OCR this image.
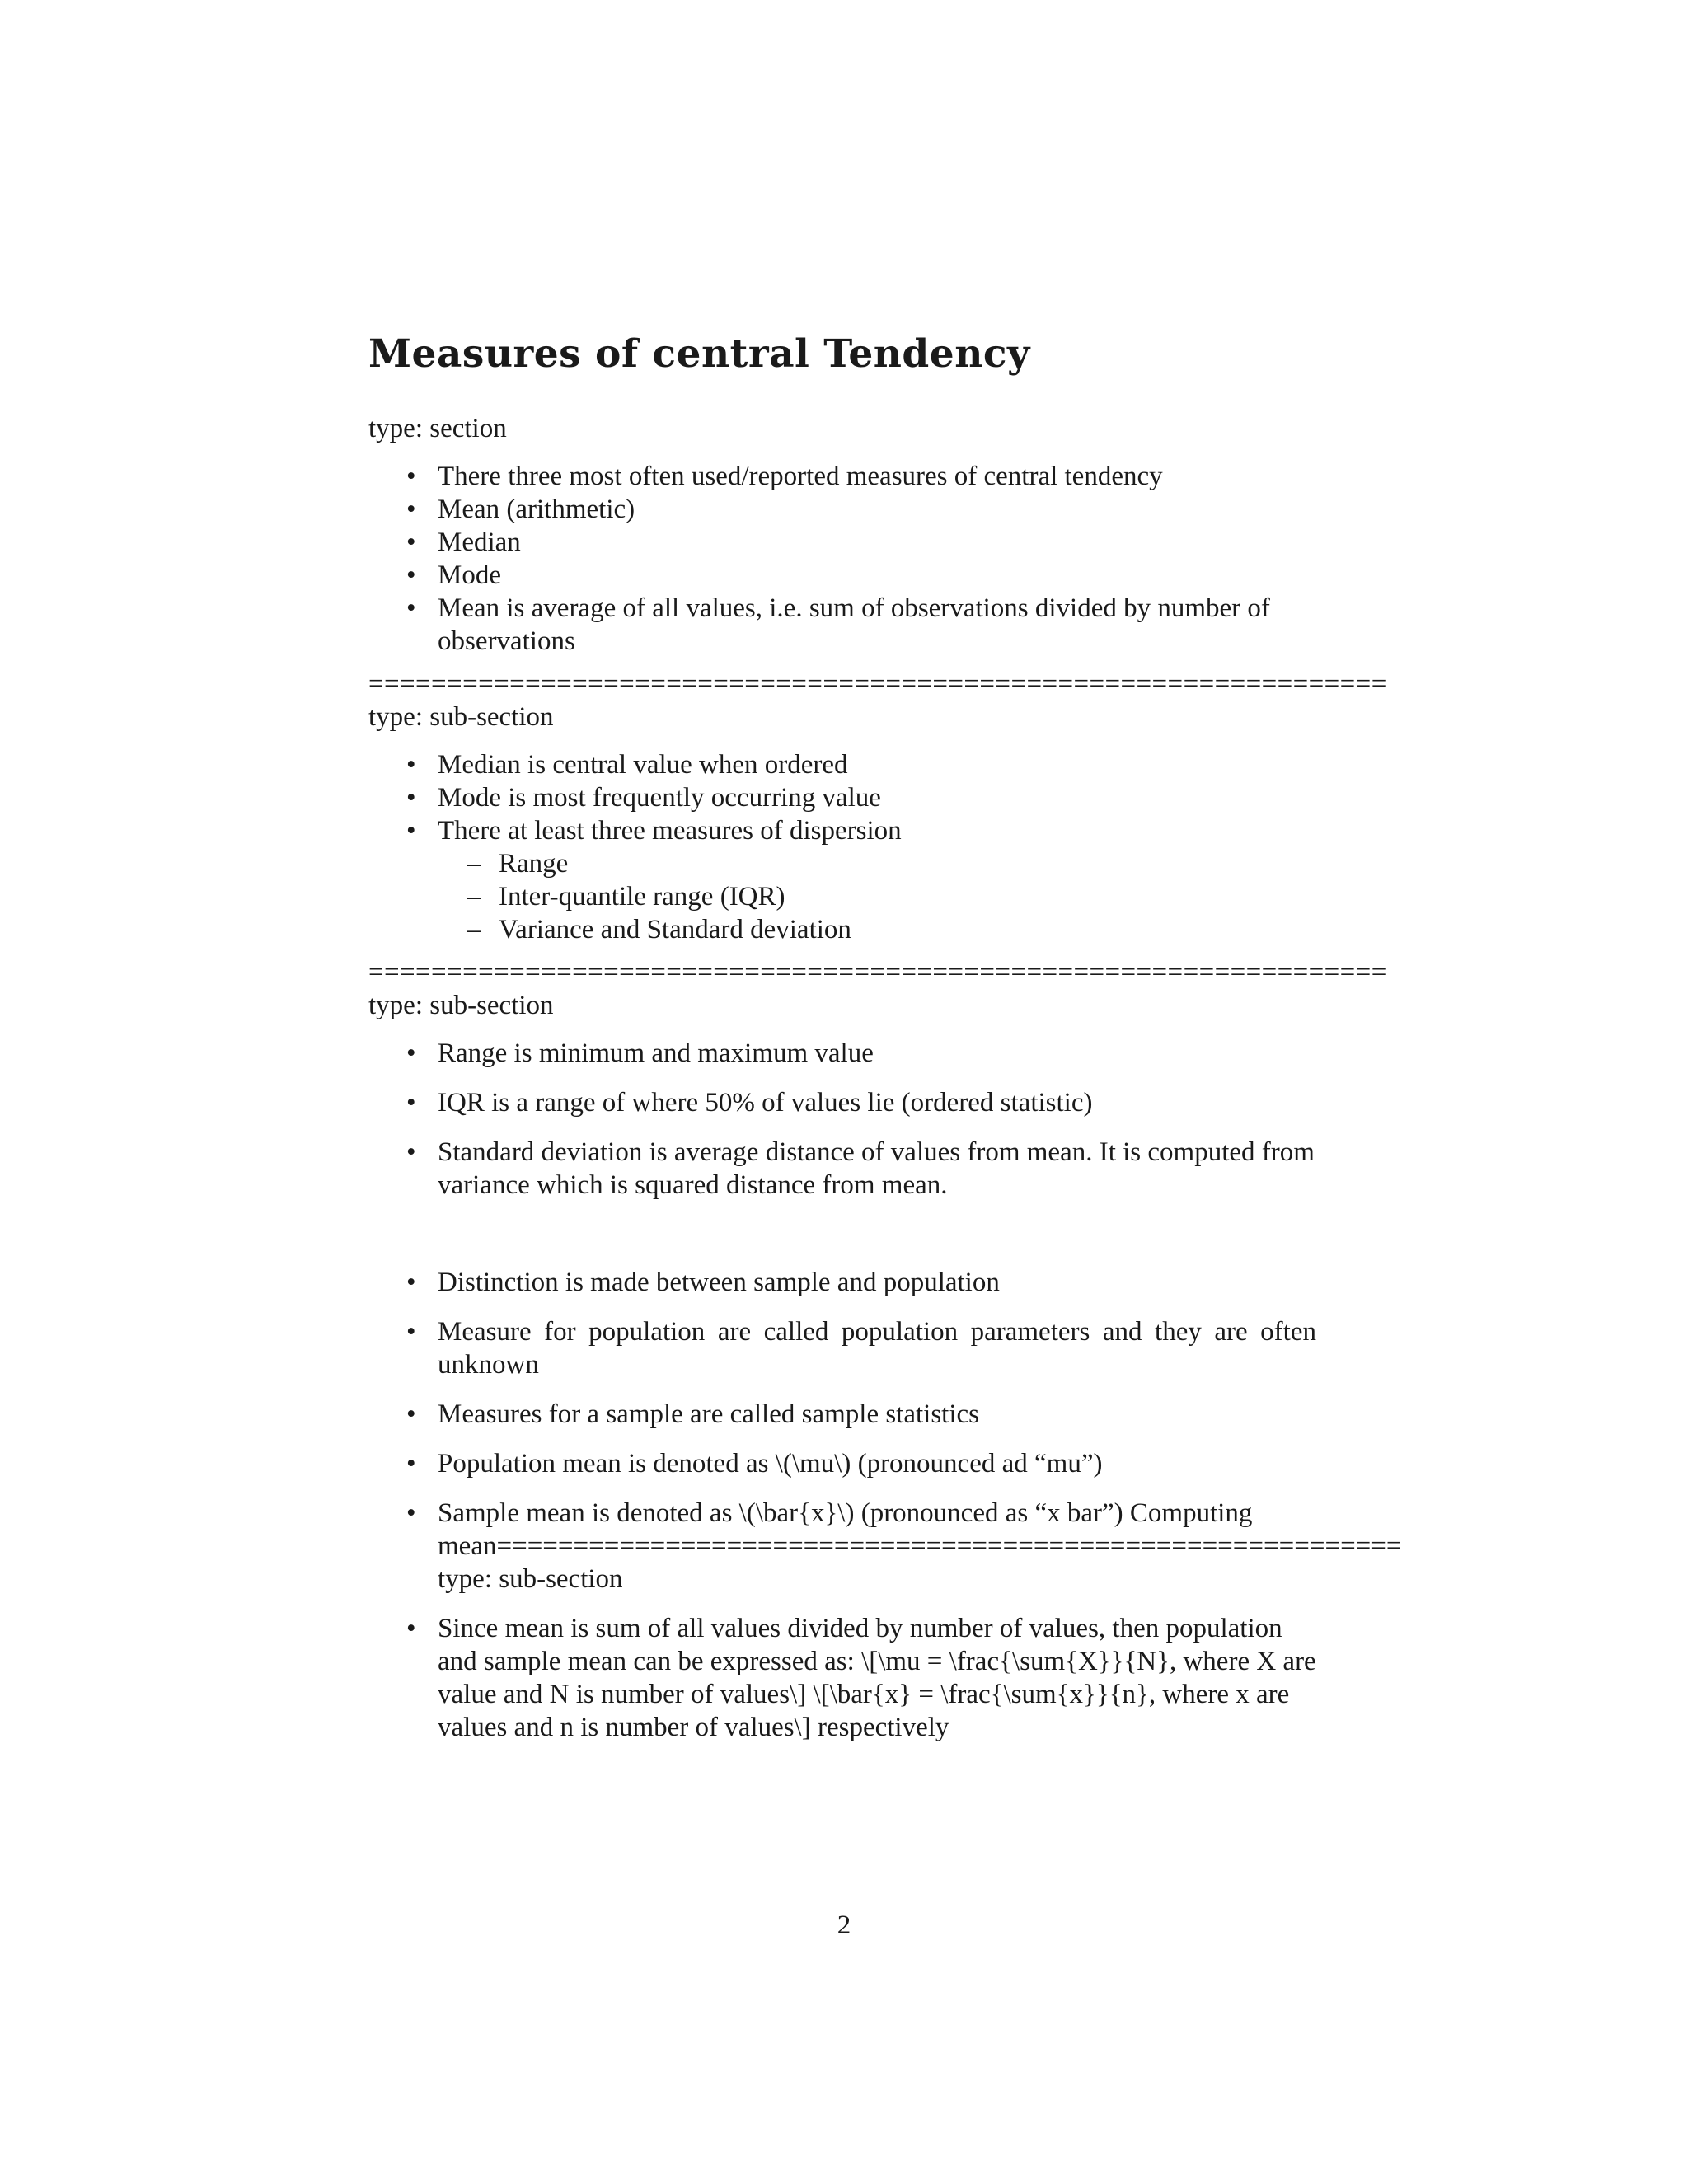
Measures of central Tendency

type: section

• There three most often used/reported measures of central tendency
• Mean (arithmetic)
• Median
• Mode
• Mean is average of all values, i.e. sum of observations divided by number of observations
=================================================================

type: sub-section

• Median is central value when ordered
• Mode is most frequently occurring value
• There at least three measures of dispersion
– Range
– Inter-quantile range (IQR)
– Variance and Standard deviation
=================================================================

type: sub-section

• Range is minimum and maximum value
• IQR is a range of where 50% of values lie (ordered statistic)
• Standard deviation is average distance of values from mean. It is computed from variance which is squared distance from mean.
• Distinction is made between sample and population
• Measure for population are called population parameters and they are often unknown
• Measures for a sample are called sample statistics
• Population mean is denoted as \(\mu\) (pronounced ad “mu”)
• Sample mean is denoted as \(\bar{x}\) (pronounced as “x bar”) Computing mean===========================================================
type: sub-section
• Since mean is sum of all values divided by number of values, then population and sample mean can be expressed as: \[\mu = \frac{\sum{X}}{N}, where X are value and N is number of values\] \[\bar{x} = \frac{\sum{x}}{n}, where x are values and n is number of values\] respectively
2
